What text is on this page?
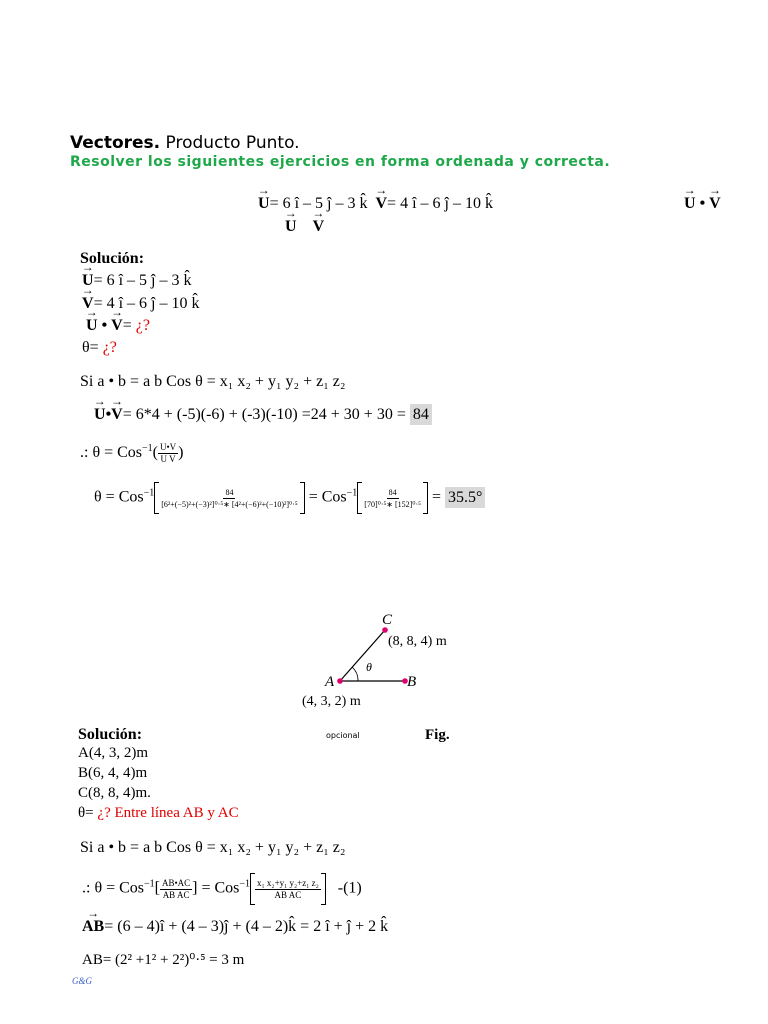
Vectores. Producto Punto.
Resolver los siguientes ejercicios en forma ordenada y correcta.
→ U= 6 î – 5 ĵ – 3 k̂ → V= 4 î – 6 ĵ – 10 k̂	→ U • → V
→ U → V
Solución:
→ U= 6 î – 5 ĵ – 3 k̂
→ V= 4 î – 6 ĵ – 10 k̂
→ U • → V= ¿?
θ= ¿?
Si a • b = a b Cos θ = x₁ x₂ + y₁ y₂ + z₁ z₂
→ U•→ V= 6*4 + (-5)(-6) + (-3)(-10) =24 + 30 + 30 = 84
.: $\theta = Cos^{-1}( \frac{U•V}{\text{U V}}$ )
$\theta = Cos^{-1} \frac{84}{\text{[6²+(−5)²+(−3)²]⁰·⁵∗ [4²+(−6)²+(−10)²]⁰·⁵}} = Cos^{-1} \frac{84}{\text{[70]⁰·⁵∗ [152]⁰·⁵}} = 35.5^\circ$
C
A	B
θ
(8, 8, 4) m
(4, 3, 2) m
Solución:	opcional	Fig.
A(4, 3, 2)m
B(6, 4, 4)m
C(8, 8, 4)m.
θ= ¿? Entre línea AB y AC
Si a • b = a b Cos θ = x₁ x₂ + y₁ y₂ + z₁ z₂
.: $\theta = Cos^{-1}[ \frac{AB•AC}{\text{AB AC}}$ ] = $Cos^{-1} \frac{\text{x₁ x₂+y₁ y₂+z₁ z₂}}{\text{AB AC}} -(1)$
→ AB= (6 – 4)î + (4 – 3)ĵ + (4 – 2)k̂ = 2 î + ĵ + 2 k̂
AB= (2² +1² + 2²)⁰·⁵ = 3 m
G&G
